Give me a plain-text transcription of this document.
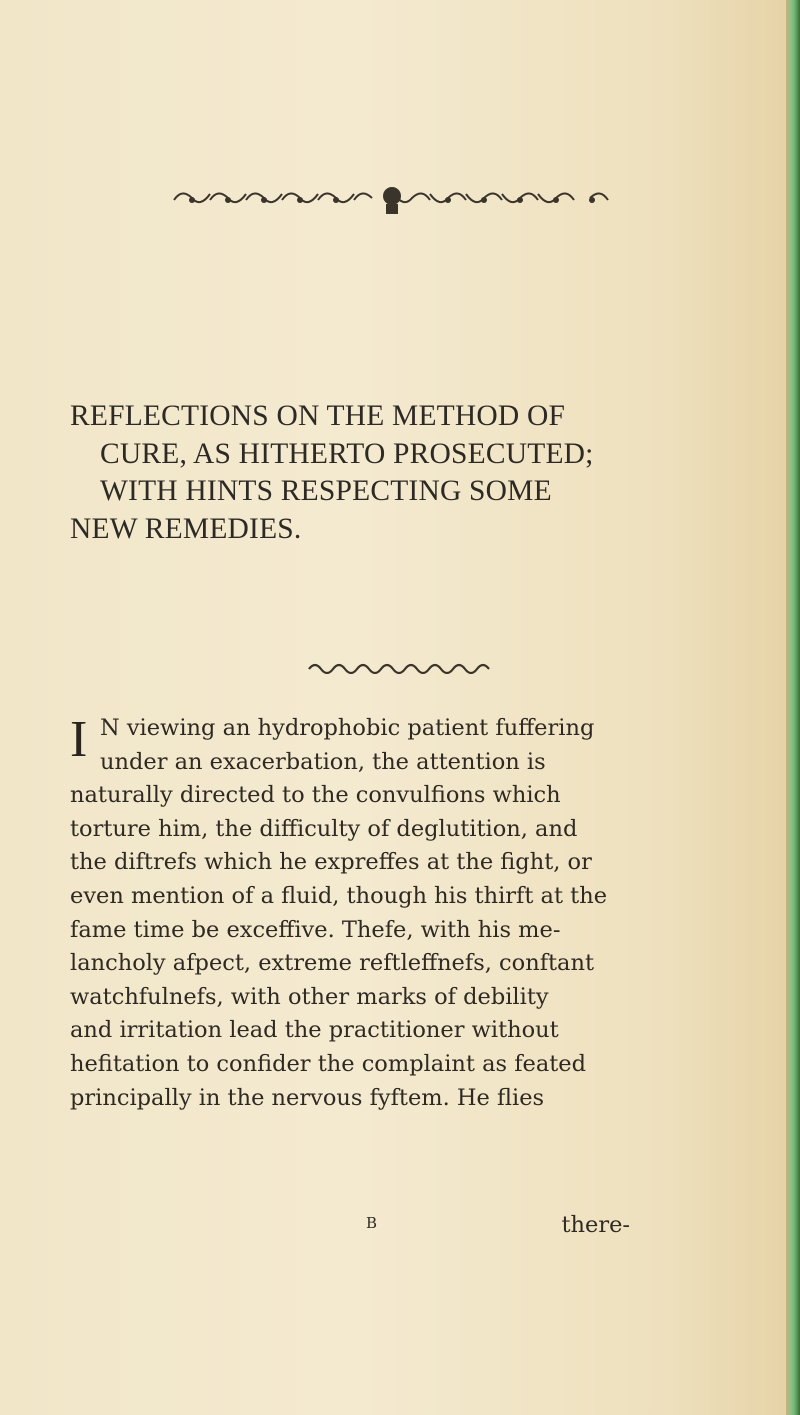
REFLECTIONS ON THE METHOD OF
CURE, AS HITHERTO PROSECUTED;
WITH HINTS RESPECTING SOME
NEW REMEDIES.
I N viewing an hydrophobic patient fuffering
under an exacerbation, the attention is
naturally directed to the convulfions which
torture him, the difficulty of deglutition, and
the diftrefs which he expreffes at the fight, or
even mention of a fluid, though his thirft at the
fame time be exceffive. Thefe, with his me-
lancholy afpect, extreme reftleffnefs, conftant
watchfulnefs, with other marks of debility
and irritation lead the practitioner without
hefitation to confider the complaint as feated
principally in the nervous fyftem. He flies
B	there-
